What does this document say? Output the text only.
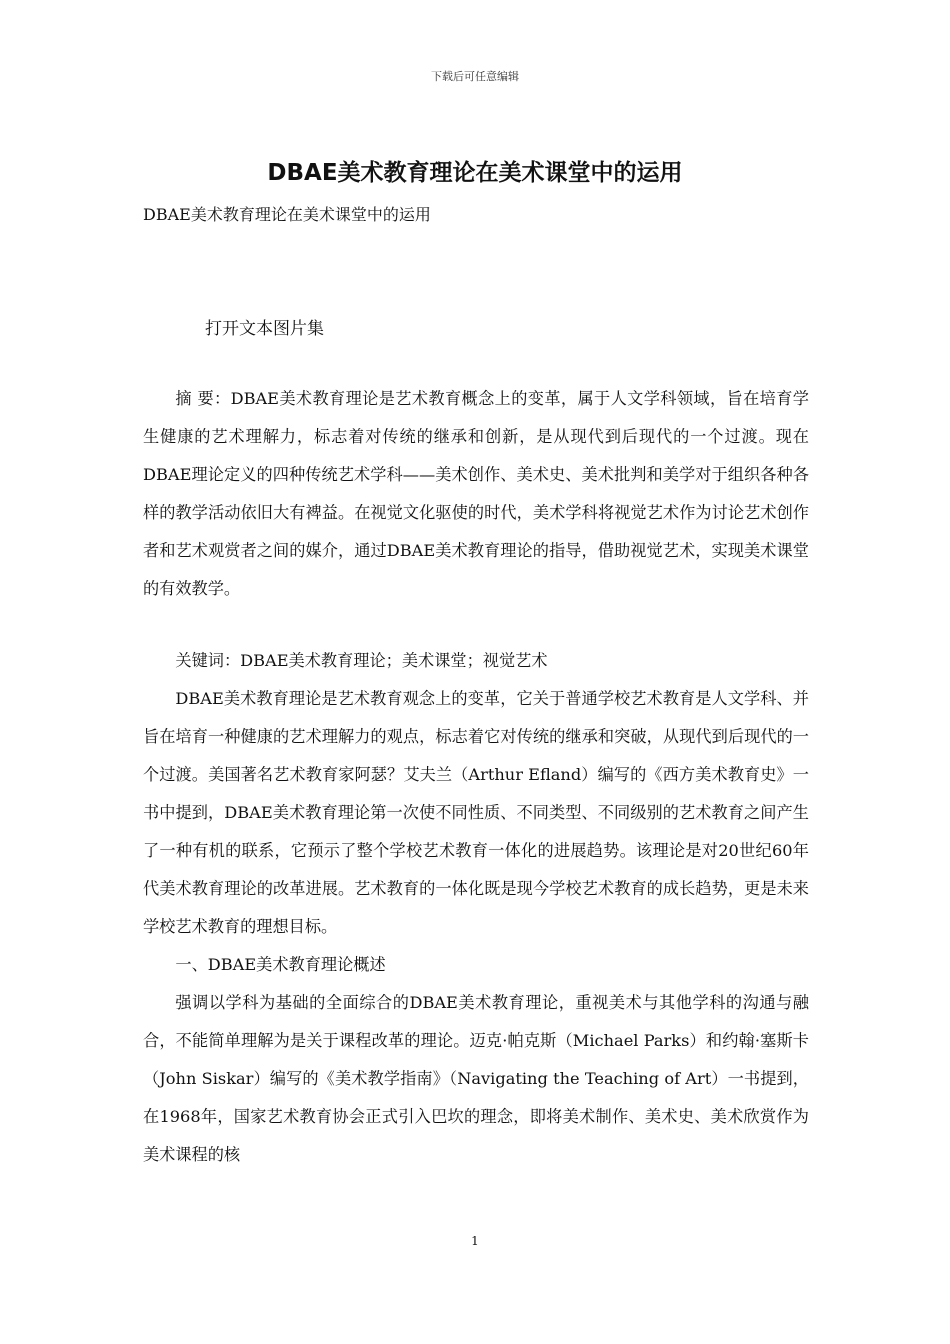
下载后可任意编辑
DBAE美术教育理论在美术课堂中的运用
DBAE美术教育理论在美术课堂中的运用
打开文本图片集

摘 要：DBAE美术教育理论是艺术教育概念上的变革，属于人文学科领域，旨在培育学生健康的艺术理解力，标志着对传统的继承和创新，是从现代到后现代的一个过渡。现在DBAE理论定义的四种传统艺术学科——美术创作、美术史、美术批判和美学对于组织各种各样的教学活动依旧大有裨益。在视觉文化驱使的时代，美术学科将视觉艺术作为讨论艺术创作者和艺术观赏者之间的媒介，通过DBAE美术教育理论的指导，借助视觉艺术，实现美术课堂的有效教学。

关键词：DBAE美术教育理论；美术课堂；视觉艺术

DBAE美术教育理论是艺术教育观念上的变革，它关于普通学校艺术教育是人文学科、并旨在培育一种健康的艺术理解力的观点，标志着它对传统的继承和突破，从现代到后现代的一个过渡。美国著名艺术教育家阿瑟？艾夫兰（Arthur Efland）编写的《西方美术教育史》一书中提到，DBAE美术教育理论第一次使不同性质、不同类型、不同级别的艺术教育之间产生了一种有机的联系，它预示了整个学校艺术教育一体化的进展趋势。该理论是对20世纪60年代美术教育理论的改革进展。艺术教育的一体化既是现今学校艺术教育的成长趋势，更是未来学校艺术教育的理想目标。

一、DBAE美术教育理论概述

强调以学科为基础的全面综合的DBAE美术教育理论，重视美术与其他学科的沟通与融合，不能简单理解为是关于课程改革的理论。迈克·帕克斯（Michael Parks）和约翰·塞斯卡 （John Siskar）编写的《美术教学指南》（Navigating the Teaching of Art）一书提到，在1968年，国家艺术教育协会正式引入巴坎的理念，即将美术制作、美术史、美术欣赏作为美术课程的核

1
